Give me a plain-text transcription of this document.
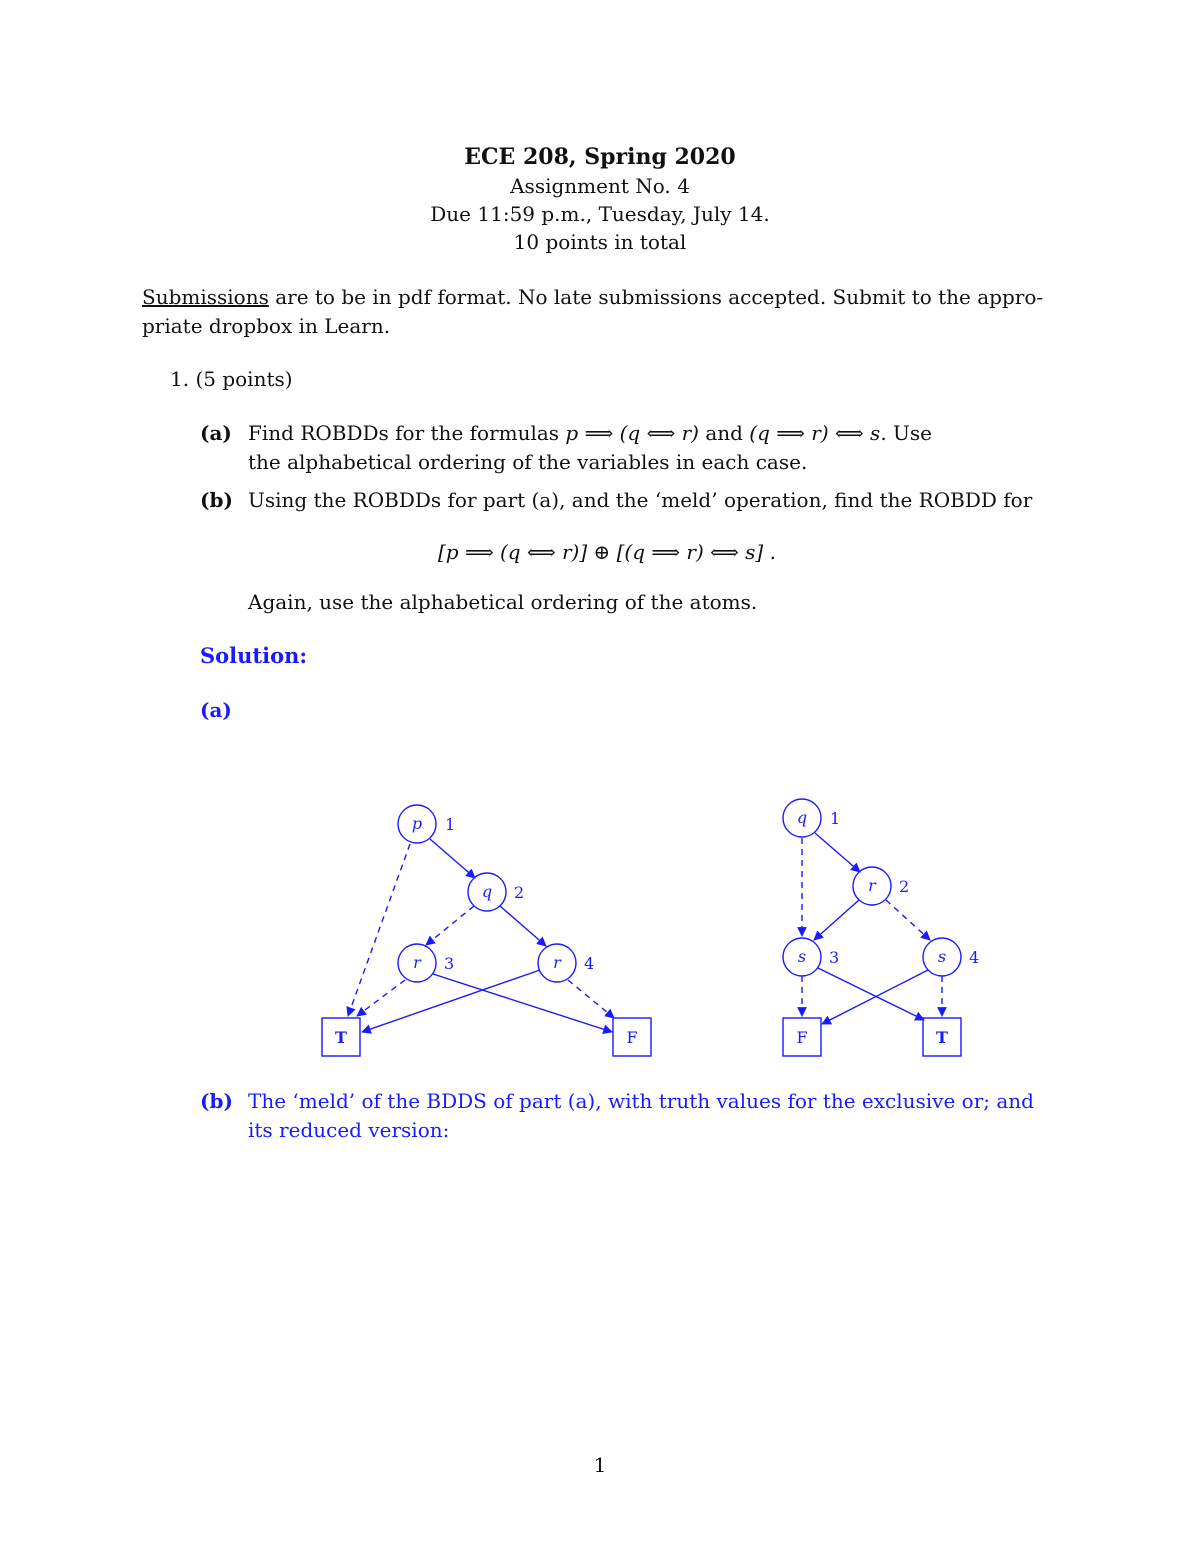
ECE 208, Spring 2020
Assignment No. 4
Due 11:59 p.m., Tuesday, July 14.
10 points in total
Submissions are to be in pdf format. No late submissions accepted. Submit to the appro-
priate dropbox in Learn.
1. (5 points)
(a) Find ROBDDs for the formulas p ⟹ (q ⟺ r) and (q ⟹ r) ⟺ s. Use
the alphabetical ordering of the variables in each case.
(b) Using the ROBDDs for part (a), and the ‘meld’ operation, find the ROBDD for
[p ⟹ (q ⟺ r)] ⊕ [(q ⟹ r) ⟺ s] .
Again, use the alphabetical ordering of the atoms.
Solution:
(a)
p 1
q 2
r 3	r 4
T	F
q 1
r 2
s 3	s 4
F	T
(b) The ‘meld’ of the BDDS of part (a), with truth values for the exclusive or; and
its reduced version:
1
